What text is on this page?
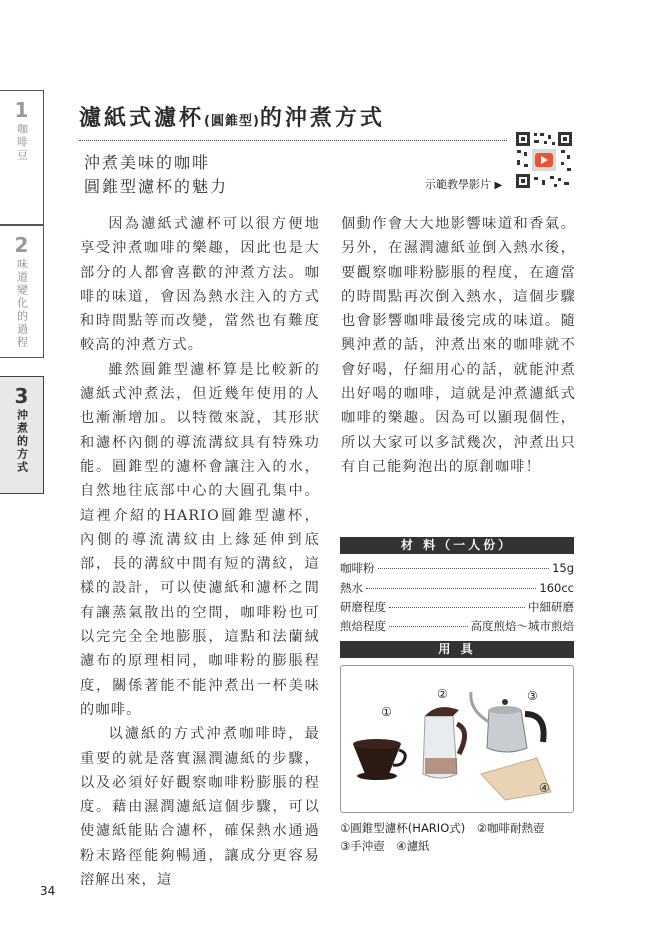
1
咖啡豆
2
味道變化的過程
3
沖煮的方式
濾紙式濾杯(圓錐型)的沖煮方式
沖煮美味的咖啡
圓錐型濾杯的魅力	示範教學影片 ▶

因為濾紙式濾杯可以很方便地享受沖煮咖啡的樂趣，因此也是大部分的人都會喜歡的沖煮方法。咖啡的味道，會因為熱水注入的方式和時間點等而改變，當然也有難度較高的沖煮方式。

雖然圓錐型濾杯算是比較新的濾紙式沖煮法，但近幾年使用的人也漸漸增加。以特徵來說，其形狀和濾杯內側的導流溝紋具有特殊功能。圓錐型的濾杯會讓注入的水，自然地往底部中心的大圓孔集中。這裡介紹的HARIO圓錐型濾杯，內側的導流溝紋由上緣延伸到底部，長的溝紋中間有短的溝紋，這樣的設計，可以使濾紙和濾杯之間有讓蒸氣散出的空間，咖啡粉也可以完完全全地膨脹，這點和法蘭絨濾布的原理相同，咖啡粉的膨脹程度，關係著能不能沖煮出一杯美味的咖啡。

以濾紙的方式沖煮咖啡時，最重要的就是落實濕潤濾紙的步驟，以及必須好好觀察咖啡粉膨脹的程度。藉由濕潤濾紙這個步驟，可以使濾紙能貼合濾杯，確保熱水通過粉末路徑能夠暢通，讓成分更容易溶解出來，這

個動作會大大地影響味道和香氣。另外，在濕潤濾紙並倒入熱水後，要觀察咖啡粉膨脹的程度，在適當的時間點再次倒入熱水，這個步驟也會影響咖啡最後完成的味道。隨興沖煮的話，沖煮出來的咖啡就不會好喝，仔細用心的話，就能沖煮出好喝的咖啡，這就是沖煮濾紙式咖啡的樂趣。因為可以顯現個性，所以大家可以多試幾次，沖煮出只有自己能夠泡出的原創咖啡！

材 料（一人份）
咖啡粉	15g
熱水	160cc
研磨程度	中細研磨
煎焙程度	高度煎焙～城市煎焙
用 具
①
②	③
④
①圓錐型濾杯(HARIO式)　②咖啡耐熱壺
③手沖壺　④濾紙
34
